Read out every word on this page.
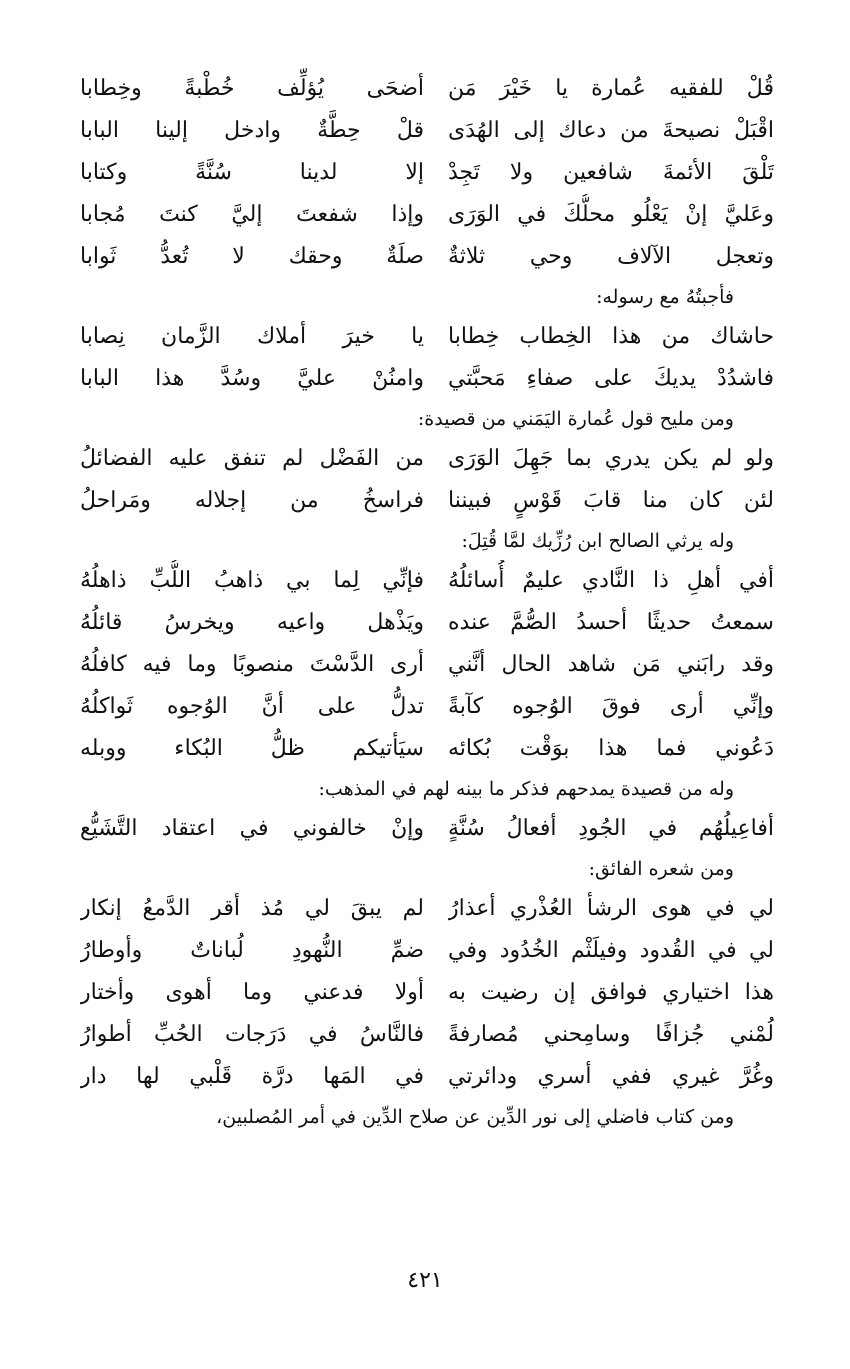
قُلْ للفقيه عُمارة يا خَيْرَ مَن
أضحَى يُؤلِّف خُطْبةً وخِطابا
اقْبَلْ نصيحةَ من دعاك إلى الهُدَى
قلْ حِطَّةٌ وادخل إلينا البابا
تَلْقَ الأئمةَ شافعين ولا تَجِدْ
إلا لدينا سُنَّةً وكتابا
وعَليَّ إنْ يَعْلُو محلُّكَ في الوَرَى
وإذا شفعتَ إليَّ كنتَ مُجابا
وتعجل الآلاف وحي ثلاثةٌ
صلَةٌ وحقك لا تُعدُّ ثَوابا
فأجبتُهُ مع رسوله:
حاشاك من هذا الخِطاب خِطابا
يا خيرَ أملاك الزَّمان نِصابا
فاشدُدْ يديكَ على صفاءِ مَحبَّتي
وامنُنْ عليَّ وسُدَّ هذا البابا
ومن مليح قول عُمارة اليَمَني من قصيدة:
ولو لم يكن يدري بما جَهِلَ الوَرَى
من الفَضْل لم تنفق عليه الفضائلُ
لئن كان منا قابَ قَوْسٍ فبيننا
فراسخُ من إجلاله ومَراحلُ
وله يرثي الصالح ابن رُزِّيك لمَّا قُتِلَ:
أفي أهلِ ذا النَّادي عليمٌ أُسائلُهُ
فإنِّي لِما بي ذاهبُ اللُّبِّ ذاهلُهُ
سمعتُ حديثًا أحسدُ الصُّمَّ عنده
ويَذْهل واعيه ويخرسُ قائلُهُ
وقد رابَني مَن شاهد الحال أنَّني
أرى الدَّسْتَ منصوبًا وما فيه كافلُهُ
وإنِّي أرى فوقَ الوُجوه كآبةً
تدلُّ على أنَّ الوُجوه ثَواكلُهُ
دَعُوني فما هذا بوَقْت بُكائه
سيَأتيكم ظلُّ البُكاء ووبله
وله من قصيدة يمدحهم فذكر ما بينه لهم في المذهب:
أفاعِيلُهُم في الجُودِ أفعالُ سُنَّةٍ
وإنْ خالفوني في اعتقاد التَّشَيُّع
ومن شعره الفائق:
لي في هوى الرشأ العُذْري أعذارُ
لم يبقَ لي مُذ أقر الدَّمعُ إنكار
لي في القُدود وفيلَثْم الخُدُود وفي
ضمِّ النُّهودِ لُباناتٌ وأوطارُ
هذا اختياري فوافق إن رضيت به
أولا فدعني وما أهوى وأختار
لُمْني جُزافًا وسامِحني مُصارفةً
فالنَّاسُ في دَرَجات الحُبِّ أطوارُ
وغُرَّ غيري ففي أسري ودائرتي
في المَها درَّة قَلْبي لها دار
ومن كتاب فاضلي إلى نور الدِّين عن صلاح الدِّين في أمر المُصلبين،
٤٢١
